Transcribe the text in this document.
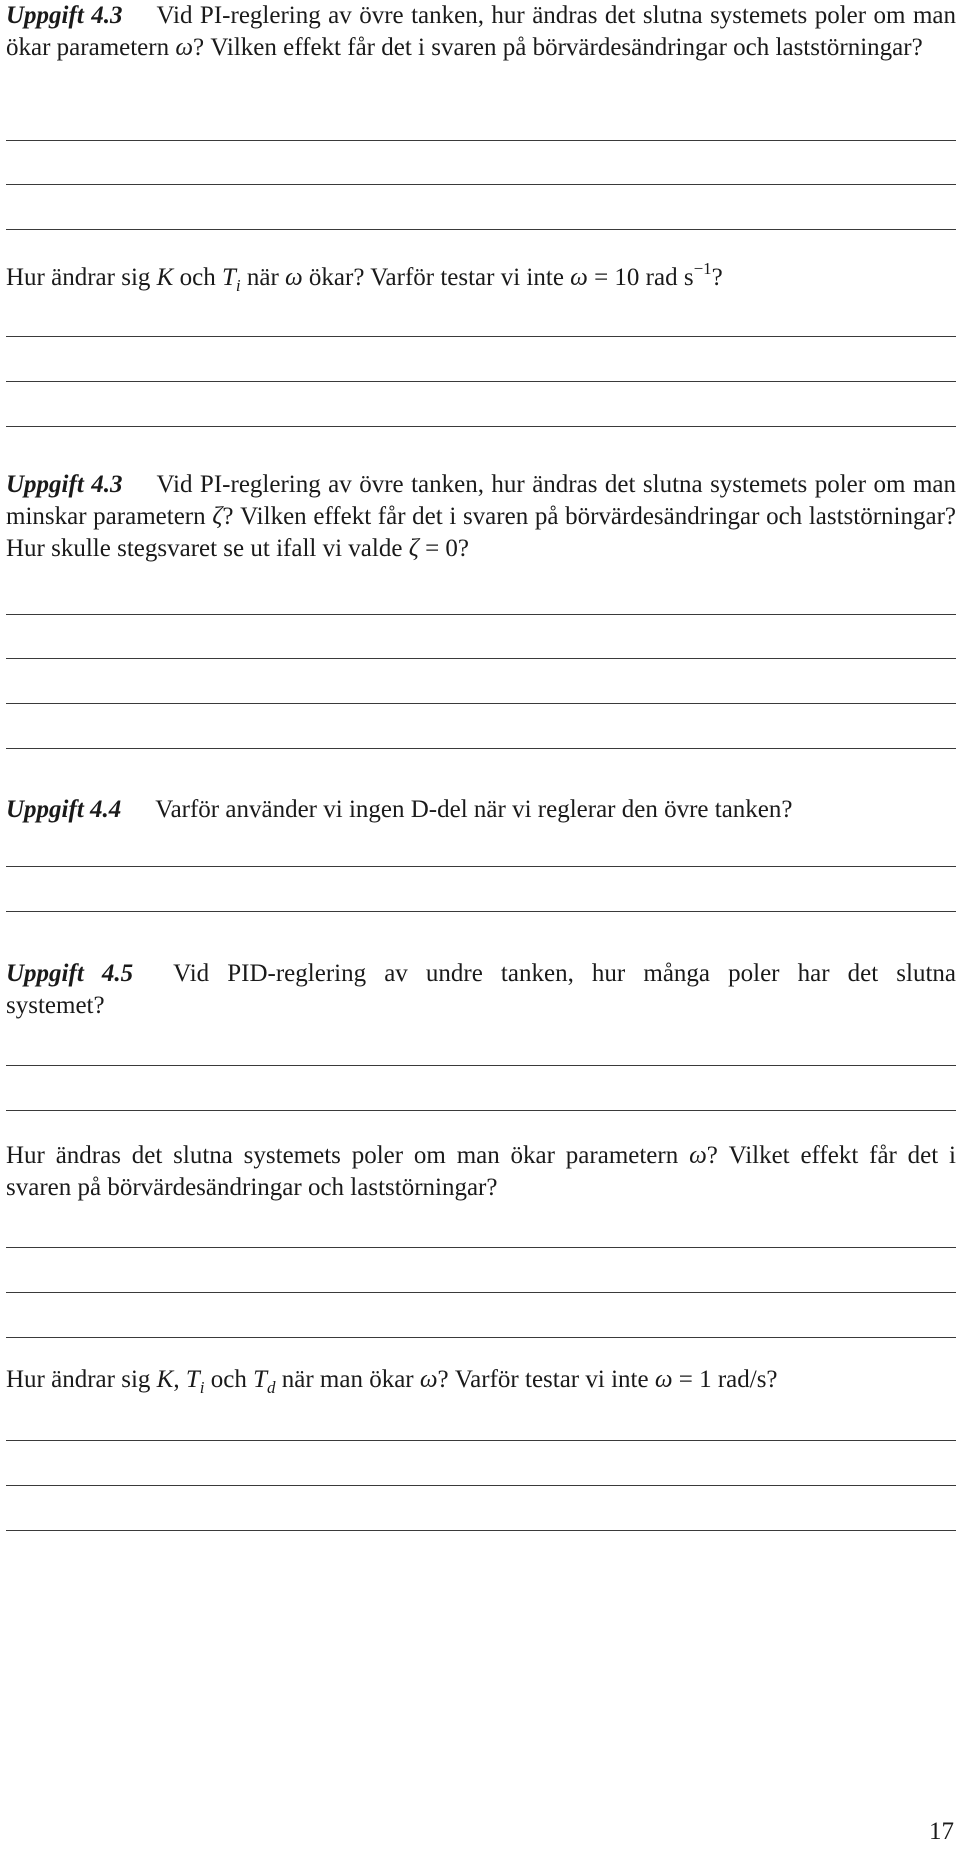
Uppgift 4.3 Vid PI-reglering av övre tanken, hur ändras det slutna systemets poler om man ökar parametern ω? Vilken effekt får det i svaren på börvärdesändringar och laststörningar?

Hur ändrar sig K och $T_i$ när ω ökar? Varför testar vi inte ω = 10 rad $s^{-1}$?

Uppgift 4.3 Vid PI-reglering av övre tanken, hur ändras det slutna systemets poler om man minskar parametern ζ? Vilken effekt får det i svaren på börvärdesändringar och laststörningar? Hur skulle stegsvaret se ut ifall vi valde ζ = 0?

Uppgift 4.4 Varför använder vi ingen D-del när vi reglerar den övre tanken?

Uppgift 4.5 Vid PID-reglering av undre tanken, hur många poler har det slutna
systemet?

Hur ändras det slutna systemets poler om man ökar parametern ω? Vilket effekt får det i svaren på börvärdesändringar och laststörningar?

Hur ändrar sig K, $T_i$ och $T_d$ när man ökar ω? Varför testar vi inte ω = 1 rad/s?

17
